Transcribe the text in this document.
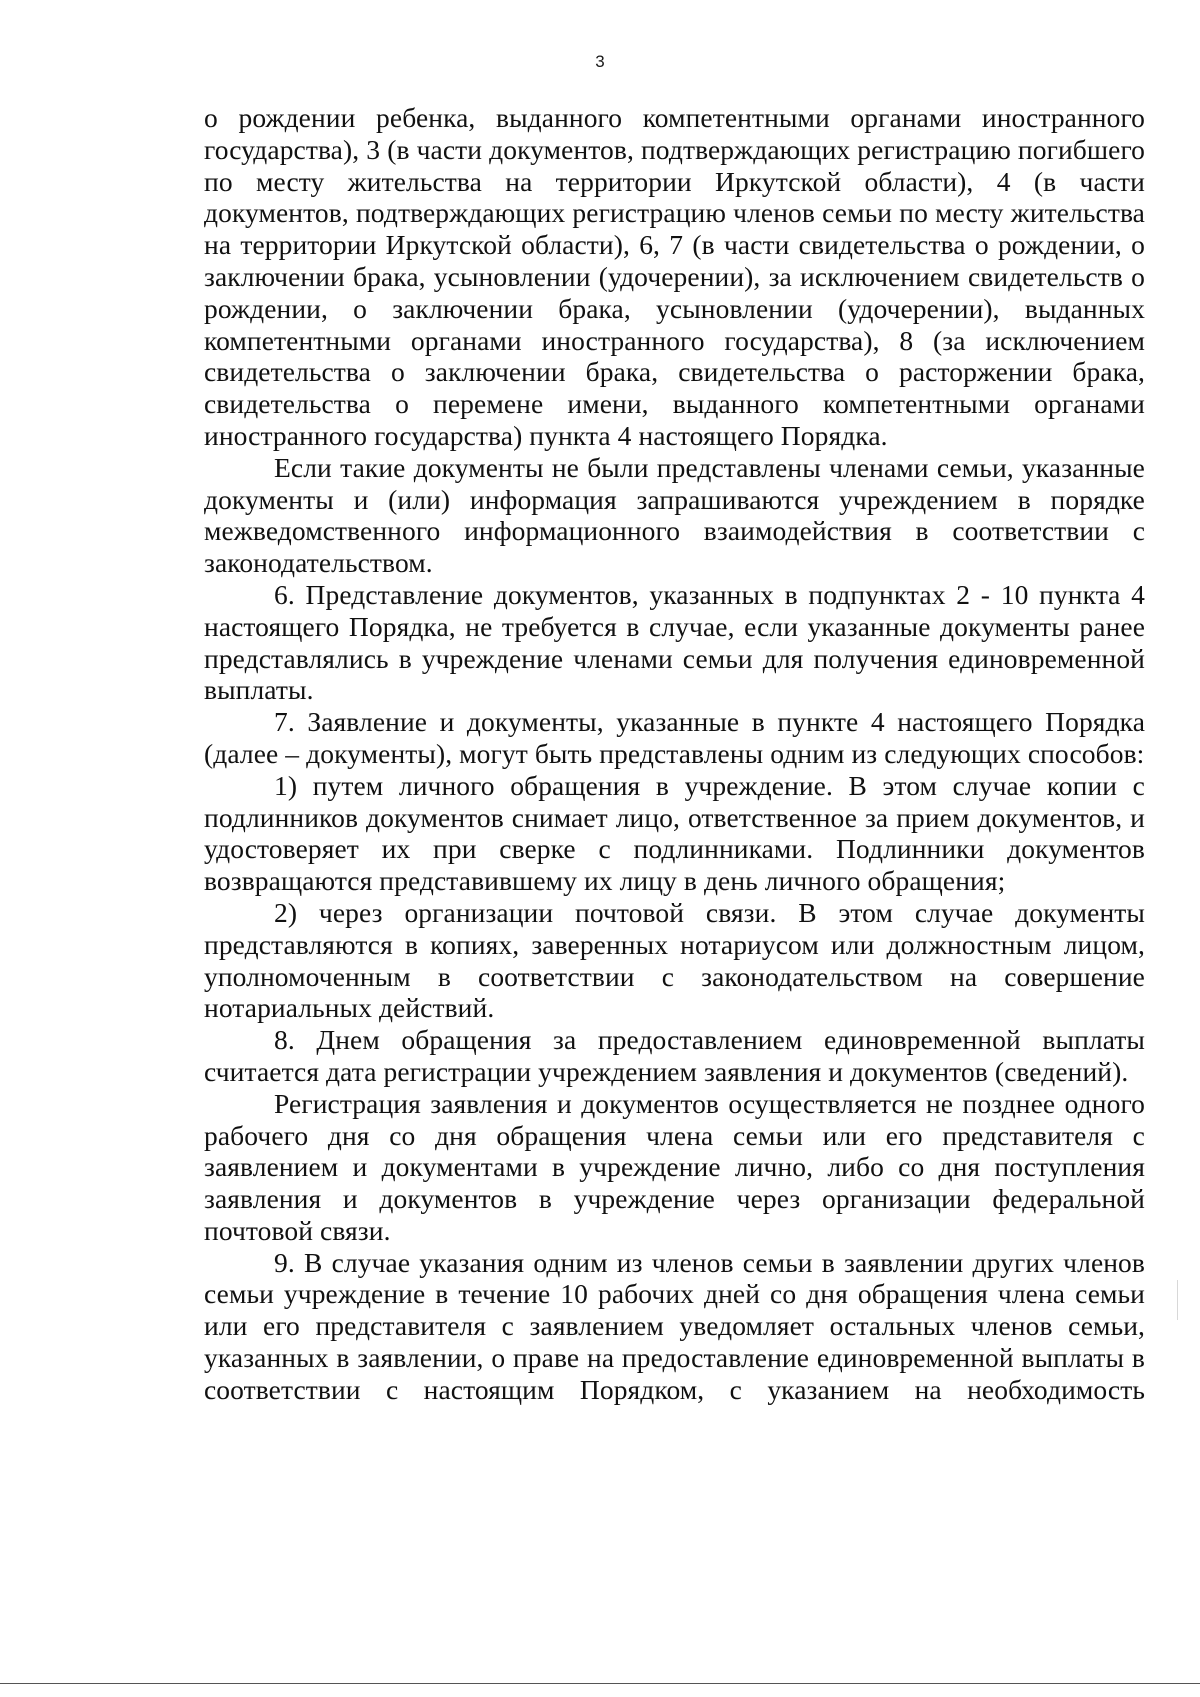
3

о рождении ребенка, выданного компетентными органами иностранного государства), 3 (в части документов, подтверждающих регистрацию погибшего по месту жительства на территории Иркутской области), 4 (в части документов, подтверждающих регистрацию членов семьи по месту жительства на территории Иркутской области), 6, 7 (в части свидетельства о рождении, о заключении брака, усыновлении (удочерении), за исключением свидетельств о рождении, о заключении брака, усыновлении (удочерении), выданных компетентными органами иностранного государства), 8 (за исключением свидетельства о заключении брака, свидетельства о расторжении брака, свидетельства о перемене имени, выданного компетентными органами иностранного государства) пункта 4 настоящего Порядка.

Если такие документы не были представлены членами семьи, указанные документы и (или) информация запрашиваются учреждением в порядке межведомственного информационного взаимодействия в соответствии с законодательством.

6. Представление документов, указанных в подпунктах 2 - 10 пункта 4 настоящего Порядка, не требуется в случае, если указанные документы ранее представлялись в учреждение членами семьи для получения единовременной выплаты.

7. Заявление и документы, указанные в пункте 4 настоящего Порядка (далее – документы), могут быть представлены одним из следующих способов:

1) путем личного обращения в учреждение. В этом случае копии с подлинников документов снимает лицо, ответственное за прием документов, и удостоверяет их при сверке с подлинниками. Подлинники документов возвращаются представившему их лицу в день личного обращения;

2) через организации почтовой связи. В этом случае документы представляются в копиях, заверенных нотариусом или должностным лицом, уполномоченным в соответствии с законодательством на совершение нотариальных действий.

8. Днем обращения за предоставлением единовременной выплаты считается дата регистрации учреждением заявления и документов (сведений).

Регистрация заявления и документов осуществляется не позднее одного рабочего дня со дня обращения члена семьи или его представителя с заявлением и документами в учреждение лично, либо со дня поступления заявления и документов в учреждение через организации федеральной почтовой связи.

9. В случае указания одним из членов семьи в заявлении других членов семьи учреждение в течение 10 рабочих дней со дня обращения члена семьи или его представителя с заявлением уведомляет остальных членов семьи, указанных в заявлении, о праве на предоставление единовременной выплаты в соответствии с настоящим Порядком, с указанием на необходимость
